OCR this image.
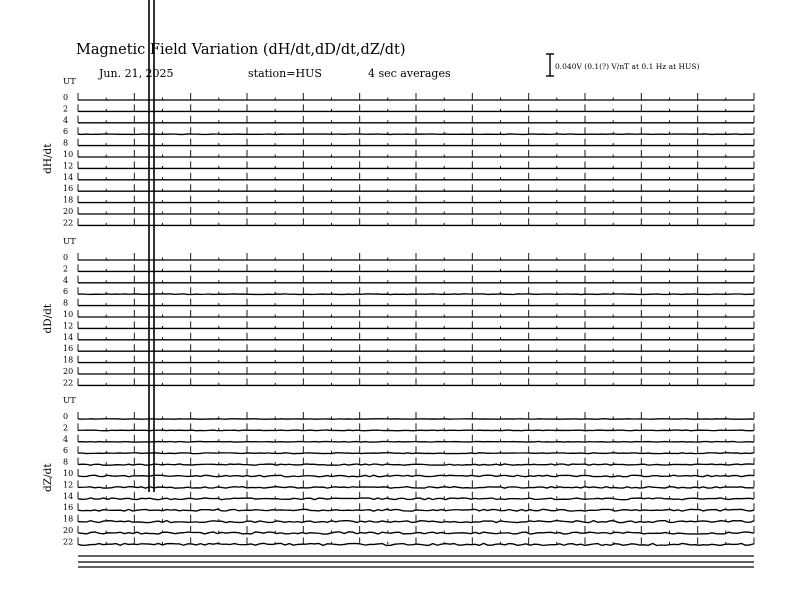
Magnetic Field Variation (dH/dt,dD/dt,dZ/dt)
Jun. 21, 2025	station=HUS	4 sec averages
0.040V (0.1(?) V/nT at 0.1 Hz at HUS)
UT
dH/dt
0
2
4
6
8
10
12
14
16
18
20
22
UT
dD/dt
0
2
4
6
8
10
12
14
16
18
20
22
UT
dZ/dt
0
2
4
6
8
10
12
14
16
18
20
22
